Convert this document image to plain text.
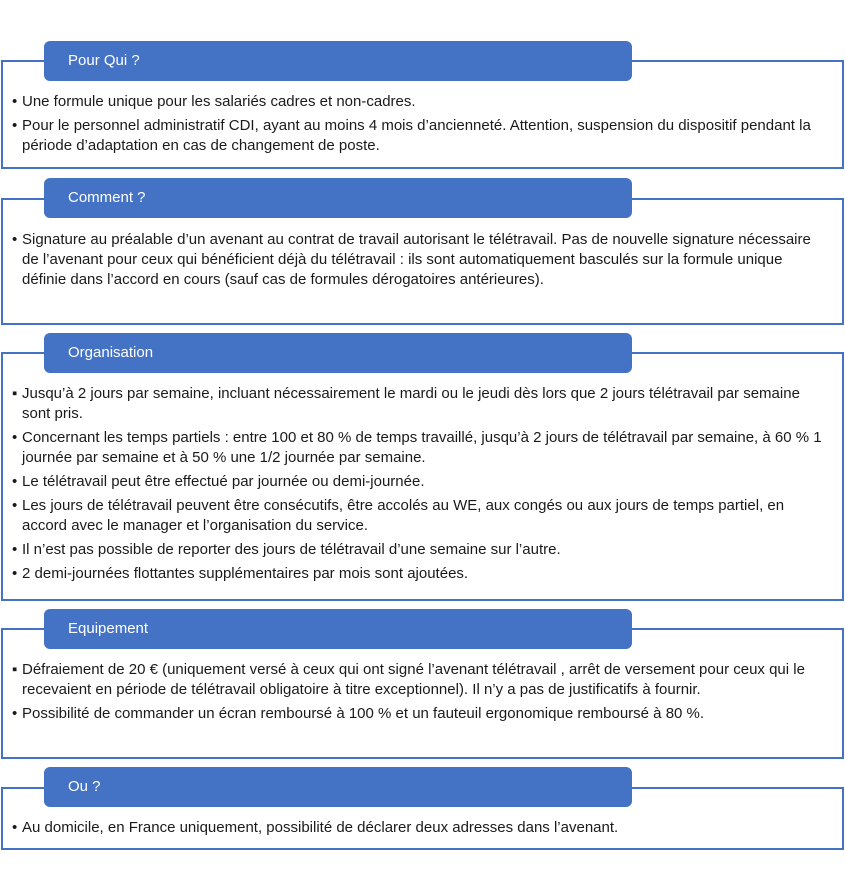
Pour Qui ?
• Une formule unique pour les salariés cadres et non-cadres.
• Pour le personnel administratif CDI, ayant au moins 4 mois d’ancienneté. Attention, suspension du dispositif pendant la période d’adaptation en cas de changement de poste.
Comment ?
• Signature au préalable d’un avenant au contrat de travail autorisant le télétravail. Pas de nouvelle signature nécessaire de l’avenant pour ceux qui bénéficient déjà du télétravail : ils sont automatiquement basculés sur la formule unique définie dans l’accord en cours (sauf cas de formules dérogatoires antérieures).
Organisation
▪ Jusqu’à 2 jours par semaine, incluant nécessairement le mardi ou le jeudi dès lors que 2 jours télétravail par semaine sont pris.
• Concernant les temps partiels : entre 100 et 80 % de temps travaillé, jusqu’à 2 jours de télétravail par semaine, à 60 % 1 journée par semaine et à 50 % une 1/2 journée par semaine.
• Le télétravail peut être effectué par journée ou demi-journée.
• Les jours de télétravail peuvent être consécutifs, être accolés au WE, aux congés ou aux jours de temps partiel, en accord avec le manager et l’organisation du service.
• Il n’est pas possible de reporter des jours de télétravail d’une semaine sur l’autre.
• 2 demi-journées flottantes supplémentaires par mois sont ajoutées.
Equipement
▪ Défraiement de 20 € (uniquement versé à ceux qui ont signé l’avenant télétravail , arrêt de versement pour ceux qui le recevaient en période de télétravail obligatoire à titre exceptionnel). Il n’y a pas de justificatifs à fournir.
• Possibilité de commander un écran remboursé à 100 % et un fauteuil ergonomique remboursé à 80 %.
Ou ?
• Au domicile, en France uniquement, possibilité de déclarer deux adresses dans l’avenant.
